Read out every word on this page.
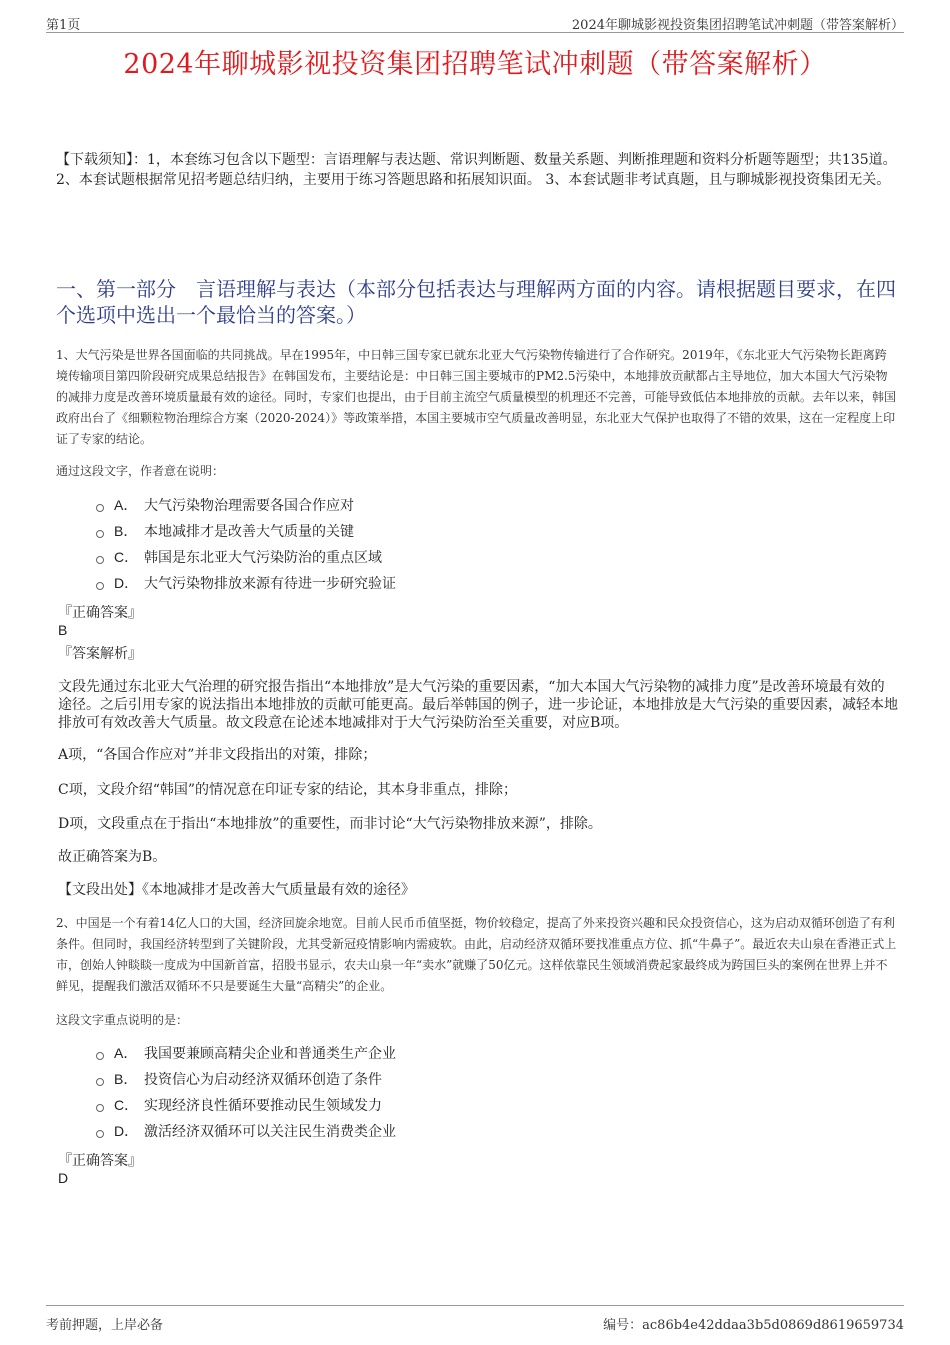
第1页	2024年聊城影视投资集团招聘笔试冲刺题（带答案解析）
2024年聊城影视投资集团招聘笔试冲刺题（带答案解析）
【下载须知】：1，本套练习包含以下题型：言语理解与表达题、常识判断题、数量关系题、判断推理题和资料分析题等题型；共135道。 2、本套试题根据常见招考题总结归纳，主要用于练习答题思路和拓展知识面。 3、本套试题非考试真题，且与聊城影视投资集团无关。
一、第一部分　言语理解与表达（本部分包括表达与理解两方面的内容。请根据题目要求，在四个选项中选出一个最恰当的答案。）
1、大气污染是世界各国面临的共同挑战。早在1995年，中日韩三国专家已就东北亚大气污染物传输进行了合作研究。2019年，《东北亚大气污染物长距离跨境传输项目第四阶段研究成果总结报告》在韩国发布，主要结论是：中日韩三国主要城市的PM2.5污染中，本地排放贡献都占主导地位，加大本国大气污染物的减排力度是改善环境质量最有效的途径。同时，专家们也提出，由于目前主流空气质量模型的机理还不完善，可能导致低估本地排放的贡献。去年以来，韩国政府出台了《细颗粒物治理综合方案（2020-2024）》等政策举措，本国主要城市空气质量改善明显，东北亚大气保护也取得了不错的效果，这在一定程度上印证了专家的结论。
通过这段文字，作者意在说明：
A． 大气污染物治理需要各国合作应对
B． 本地减排才是改善大气质量的关键
C． 韩国是东北亚大气污染防治的重点区域
D． 大气污染物排放来源有待进一步研究验证
『正确答案』
B
『答案解析』
文段先通过东北亚大气治理的研究报告指出“本地排放”是大气污染的重要因素，“加大本国大气污染物的减排力度”是改善环境最有效的途径。之后引用专家的说法指出本地排放的贡献可能更高。最后举韩国的例子，进一步论证，本地排放是大气污染的重要因素，减轻本地排放可有效改善大气质量。故文段意在论述本地减排对于大气污染防治至关重要，对应B项。
A项，“各国合作应对”并非文段指出的对策，排除；
C项，文段介绍“韩国”的情况意在印证专家的结论，其本身非重点，排除；
D项，文段重点在于指出“本地排放”的重要性，而非讨论“大气污染物排放来源”，排除。
故正确答案为B。
【文段出处】《本地减排才是改善大气质量最有效的途径》
2、中国是一个有着14亿人口的大国，经济回旋余地宽。目前人民币币值坚挺，物价较稳定，提高了外来投资兴趣和民众投资信心，这为启动双循环创造了有利条件。但同时，我国经济转型到了关键阶段，尤其受新冠疫情影响内需疲软。由此，启动经济双循环要找准重点方位、抓“牛鼻子”。最近农夫山泉在香港正式上市，创始人钟睒睒一度成为中国新首富，招股书显示，农夫山泉一年“卖水”就赚了50亿元。这样依靠民生领域消费起家最终成为跨国巨头的案例在世界上并不鲜见，提醒我们激活双循环不只是要诞生大量“高精尖”的企业。
这段文字重点说明的是：
A． 我国要兼顾高精尖企业和普通类生产企业
B． 投资信心为启动经济双循环创造了条件
C． 实现经济良性循环要推动民生领域发力
D． 激活经济双循环可以关注民生消费类企业
『正确答案』
D
考前押题，上岸必备	编号：ac86b4e42ddaa3b5d0869d8619659734
